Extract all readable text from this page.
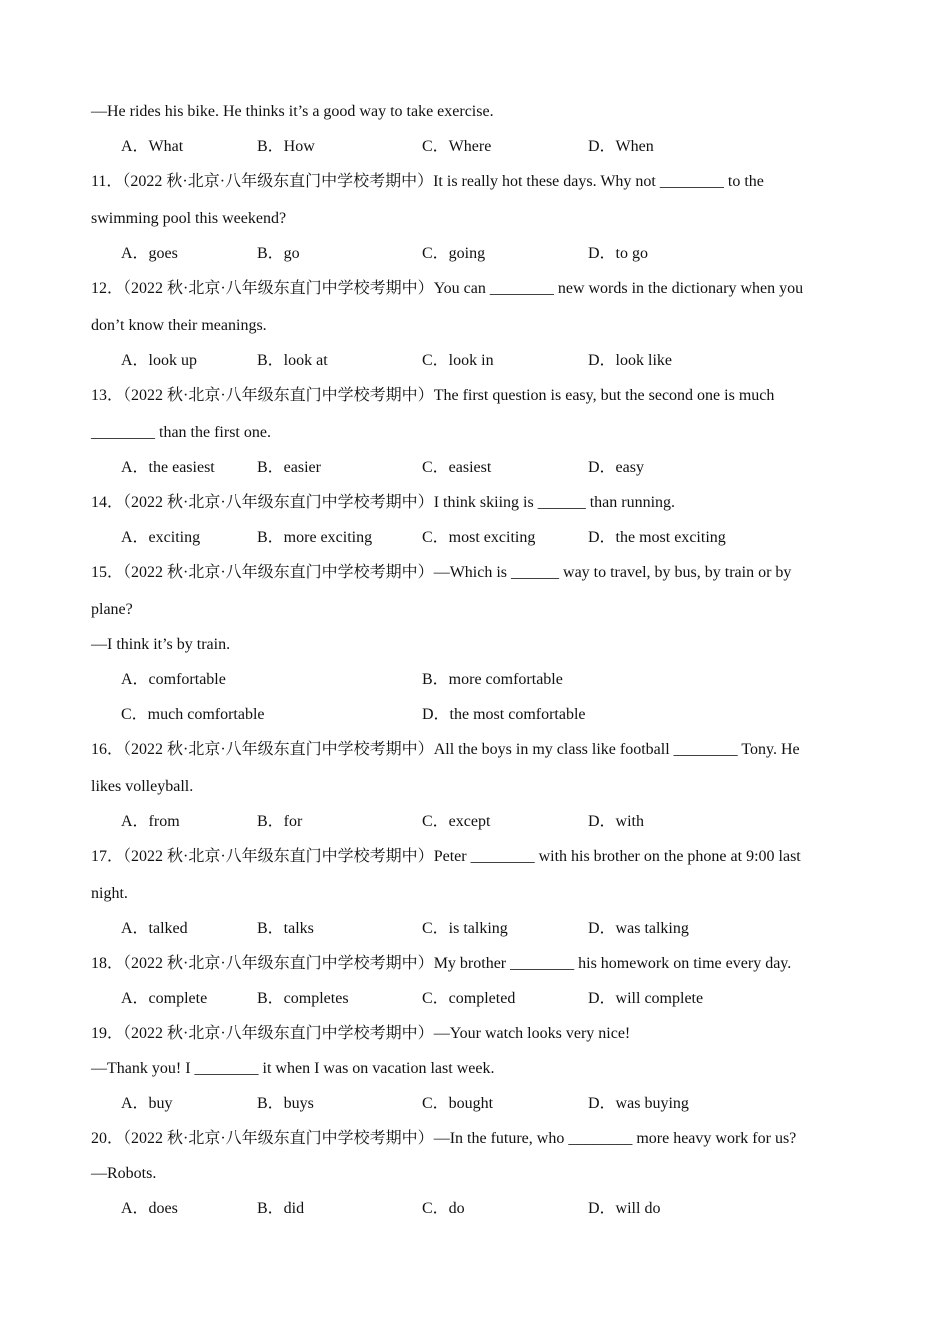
—He rides his bike. He thinks it’s a good way to take exercise.
A．What	B．How	C．Where	D．When
11．（2022 秋·北京·八年级东直门中学校考期中）It is really hot these days. Why not ________ to the
swimming pool this weekend?
A．goes	B．go	C．going	D．to go
12．（2022 秋·北京·八年级东直门中学校考期中）You can ________ new words in the dictionary when you
don’t know their meanings.
A．look up	B．look at	C．look in	D．look like
13．（2022 秋·北京·八年级东直门中学校考期中）The first question is easy, but the second one is much
________ than the first one.
A．the easiest	B．easier	C．easiest	D．easy
14．（2022 秋·北京·八年级东直门中学校考期中）I think skiing is ______ than running.
A．exciting	B．more exciting	C．most exciting	D．the most exciting
15．（2022 秋·北京·八年级东直门中学校考期中）—Which is ______ way to travel, by bus, by train or by
plane?
—I think it’s by train.
A．comfortable	B．more comfortable
C．much comfortable	D．the most comfortable
16．（2022 秋·北京·八年级东直门中学校考期中）All the boys in my class like football ________ Tony. He
likes volleyball.
A．from	B．for	C．except	D．with
17．（2022 秋·北京·八年级东直门中学校考期中）Peter ________ with his brother on the phone at 9:00 last
night.
A．talked	B．talks	C．is talking	D．was talking
18．（2022 秋·北京·八年级东直门中学校考期中）My brother ________ his homework on time every day.
A．complete	B．completes	C．completed	D．will complete
19．（2022 秋·北京·八年级东直门中学校考期中）—Your watch looks very nice!
—Thank you! I ________ it when I was on vacation last week.
A．buy	B．buys	C．bought	D．was buying
20．（2022 秋·北京·八年级东直门中学校考期中）—In the future, who ________ more heavy work for us?
—Robots.
A．does	B．did	C．do	D．will do
